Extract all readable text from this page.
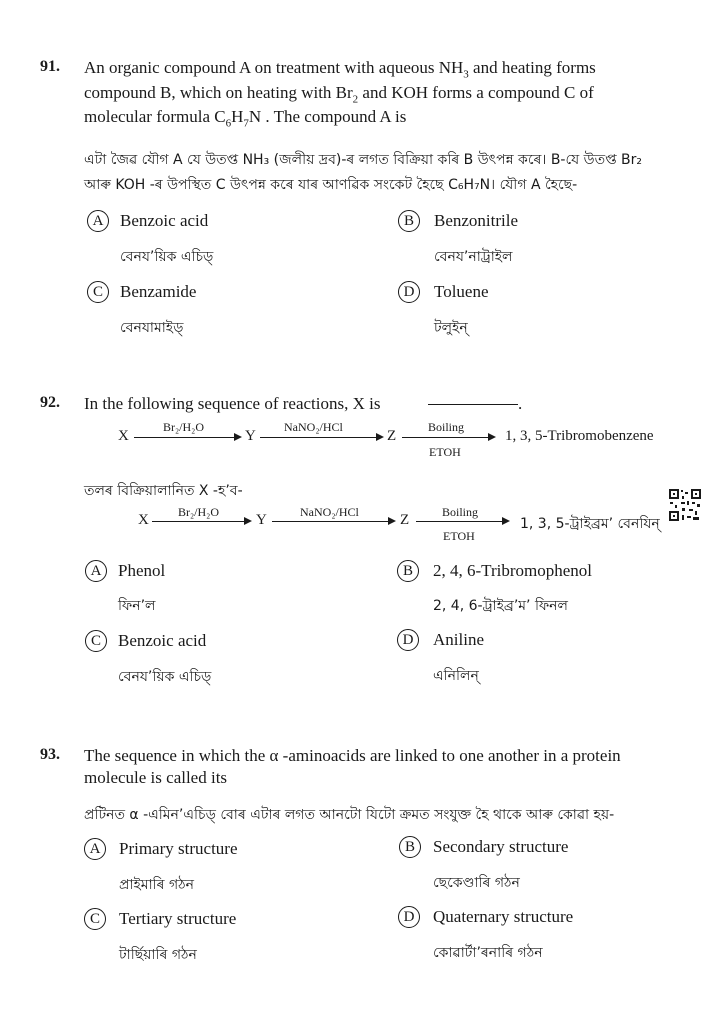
91. An organic compound A on treatment with aqueous $NH_3$ and heating forms
compound B, which on heating with $Br_2$ and KOH forms a compound C of
molecular formula $C_6H_7N$ . The compound A is
এটা জৈৱ যৌগ A যে উতপ্ত NH₃ (জলীয় দ্রব)-ৰ লগত বিক্ৰিয়া কৰি B উৎপন্ন কৰে। B-যে উতপ্ত Br₂
আৰু KOH -ৰ উপস্থিত C উৎপন্ন কৰে যাৰ আণৱিক সংকেট হৈছে C₆H₇N। যৌগ A হৈছে-
A Benzoic acid
বেনয’য়িক এচিড্
B	Benzonitrile
বেনয’নাট্ৰাইল
C	Benzamide
বেনযামাইড্
D	Toluene
টলুইন্
92. In the following sequence of reactions, X is	.
X
Br₂/H₂O
Y
NaNO₂/HCl
Z
Boiling
ETOH
1, 3, 5-Tribromobenzene
তলৰ বিক্ৰিয়ালানিত X -হ’ব-
X Br₂/H₂O Y	NaNO₂/HCl	Z	Boiling
ETOH
1, 3, 5-ট্ৰাইব্ৰম’ বেনযিন্
A Phenol
ফিন’ল
B	2, 4, 6-Tribromophenol
2, 4, 6-ট্ৰাইব্ৰ’ম’ ফিনল
C	Benzoic acid
বেনয’য়িক এচিড্
D	Aniline
এনিলিন্
93. The sequence in which the α -aminoacids are linked to one another in a protein
molecule is called its
প্ৰটিনত α -এমিন’এচিড্ বোৰ এটাৰ লগত আনটো যিটো ক্ৰমত সংযুক্ত হৈ থাকে আৰু কোৱা হয়-
A	Primary structure
প্ৰাইমাৰি গঠন
B	Secondary structure
ছেকেণ্ডাৰি গঠন
C	Tertiary structure
টাৰ্ছিয়াৰি গঠন
D	Quaternary structure
কোৱাৰ্টা’ৰনাৰি গঠন
